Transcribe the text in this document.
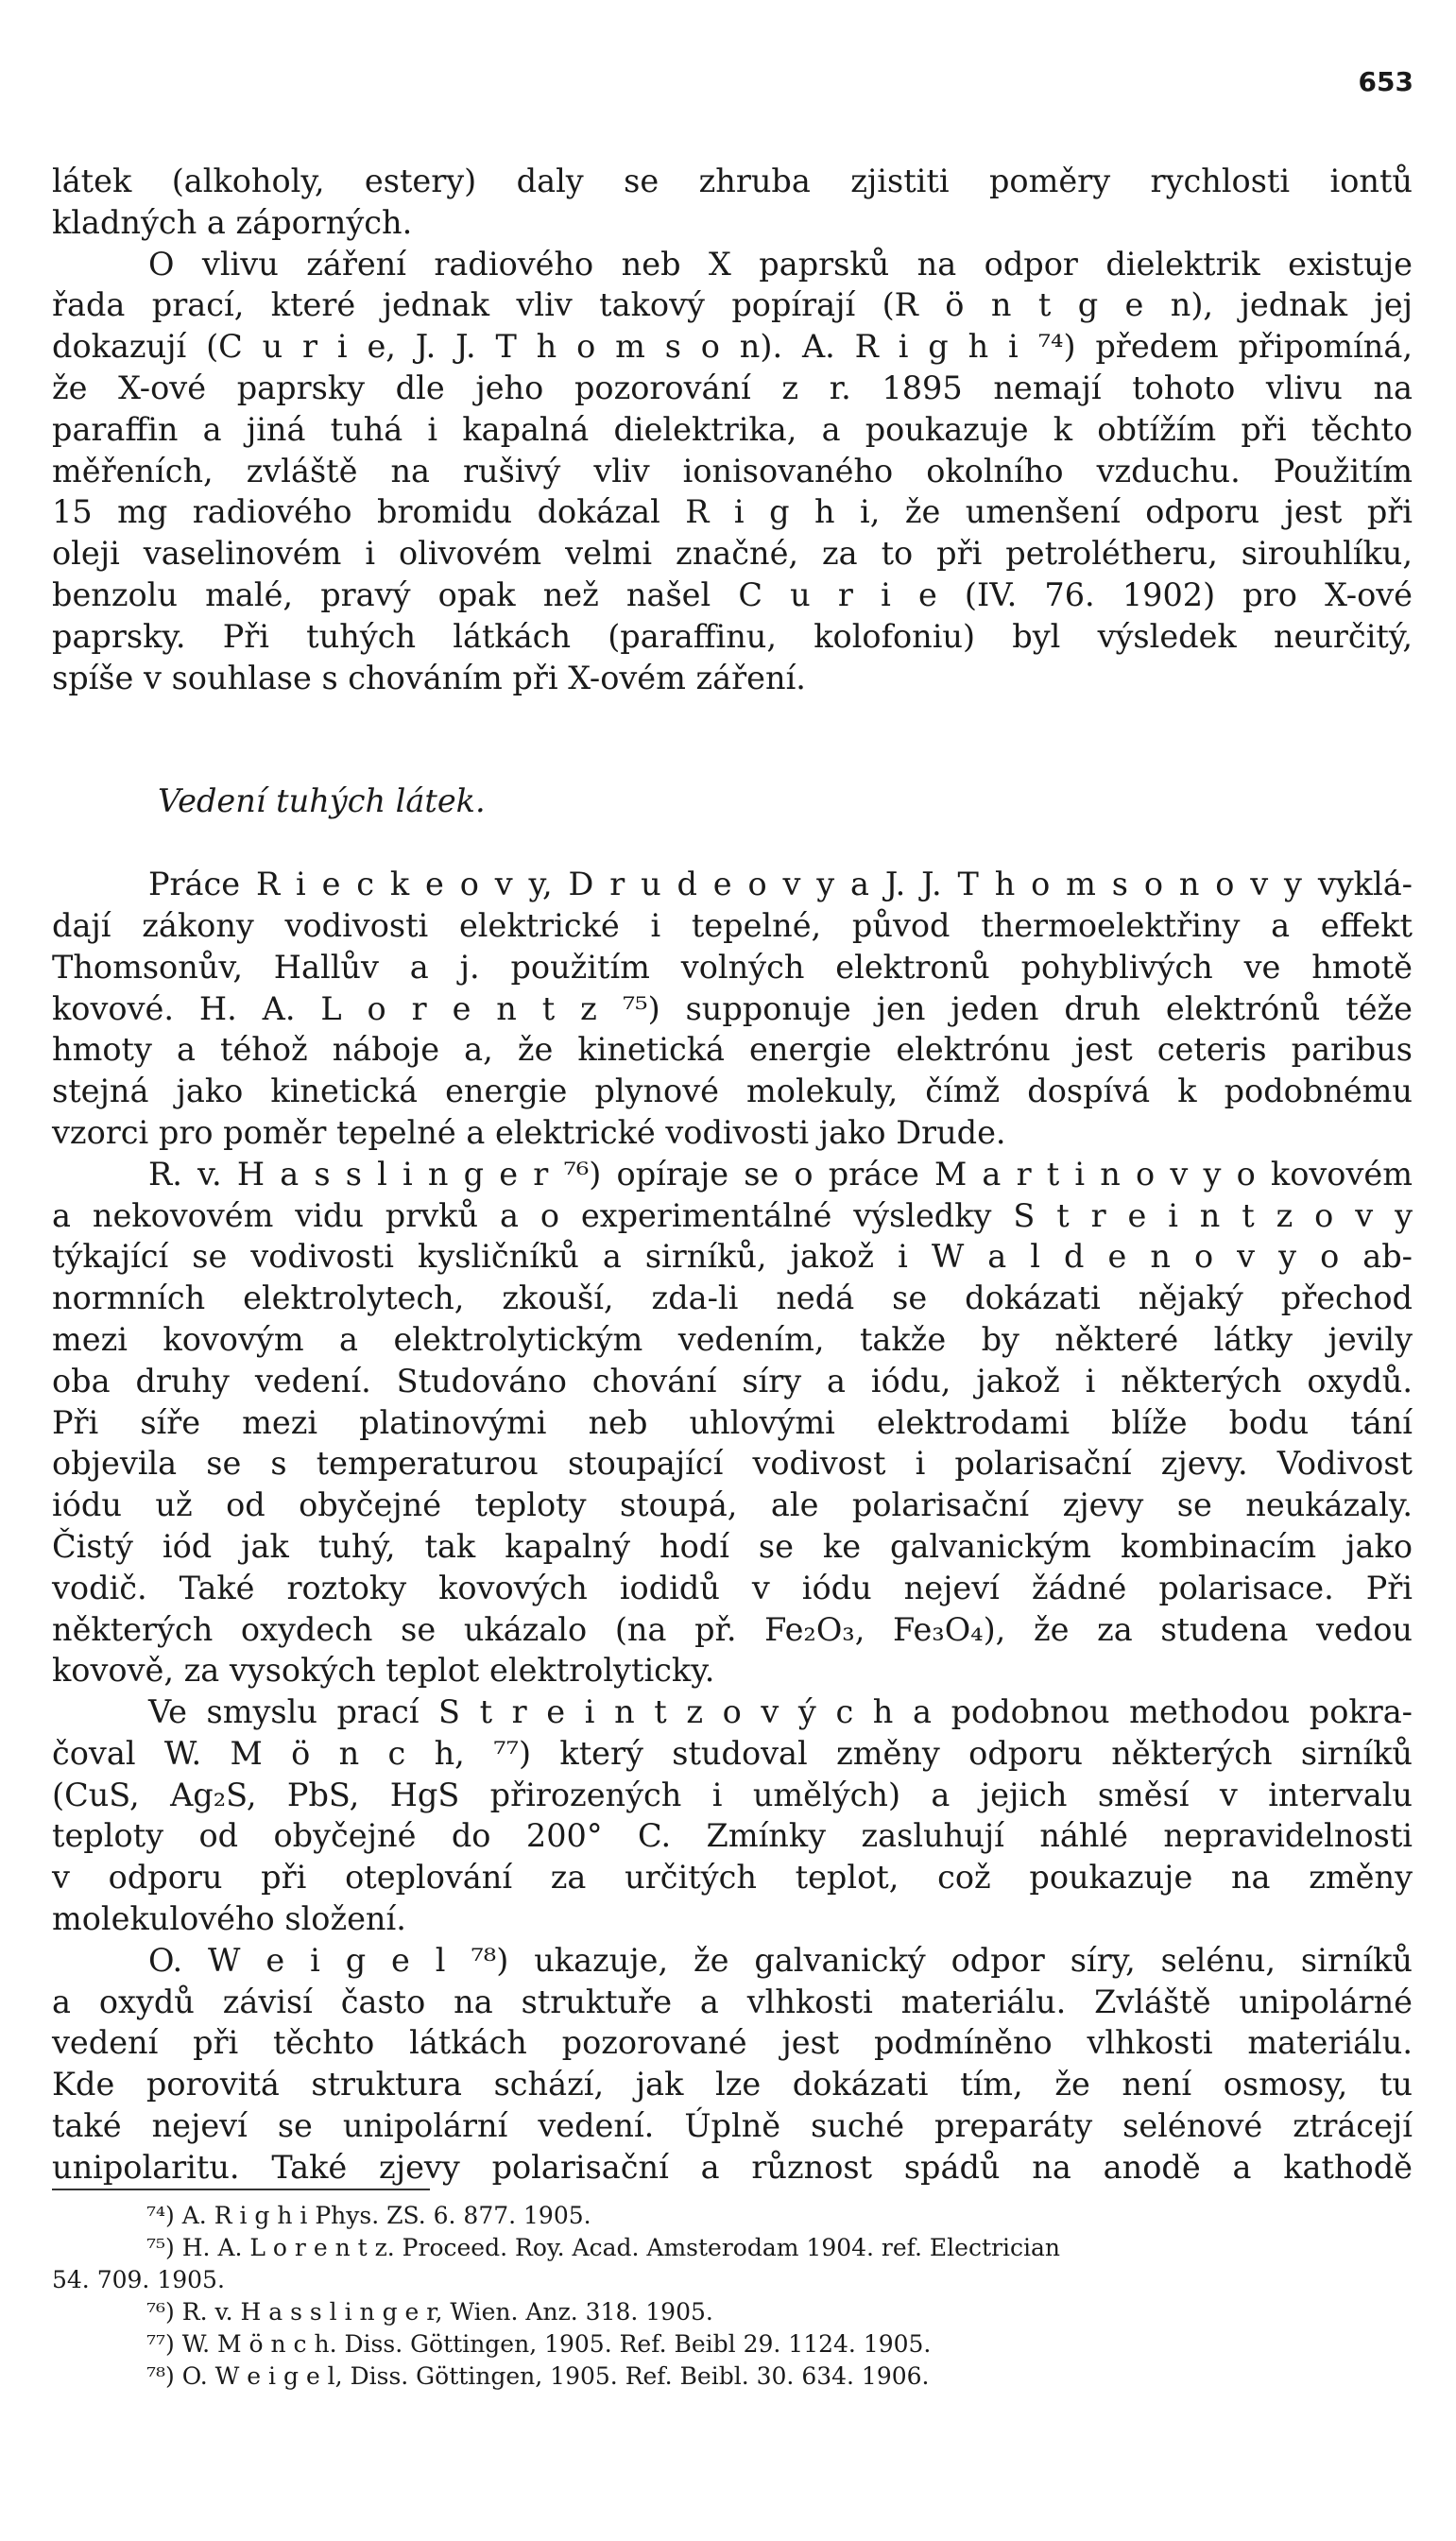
653
látek (alkoholy, estery) daly se zhruba zjistiti poměry rychlosti iontů
kladných a záporných.
O vlivu záření radiového neb X paprsků na odpor dielektrik existuje
řada prací, které jednak vliv takový popírají (R ö n t g e n), jednak jej
dokazují (C u r i e, J. J. T h o m s o n). A. R i g h i ⁷⁴) předem připomíná,
že X-ové paprsky dle jeho pozorování z r. 1895 nemají tohoto vlivu na
paraffin a jiná tuhá i kapalná dielektrika, a poukazuje k obtížím při těchto
měřeních, zvláště na rušivý vliv ionisovaného okolního vzduchu. Použitím
15 mg radiového bromidu dokázal R i g h i, že umenšení odporu jest při
oleji vaselinovém i olivovém velmi značné, za to při petrolétheru, sirouhlíku,
benzolu malé, pravý opak než našel C u r i e (IV. 76. 1902) pro X-ové
paprsky. Při tuhých látkách (paraffinu, kolofoniu) byl výsledek neurčitý,
spíše v souhlase s chováním při X-ovém záření.
Vedení tuhých látek.
Práce R i e c k e o v y, D r u d e o v y a J. J. T h o m s o n o v y vyklá-
dají zákony vodivosti elektrické i tepelné, původ thermoelektřiny a effekt
Thomsonův, Hallův a j. použitím volných elektronů pohyblivých ve hmotě
kovové. H. A. L o r e n t z ⁷⁵) supponuje jen jeden druh elektrónů téže
hmoty a téhož náboje a, že kinetická energie elektrónu jest ceteris paribus
stejná jako kinetická energie plynové molekuly, čímž dospívá k podobnému
vzorci pro poměr tepelné a elektrické vodivosti jako Drude.
R. v. H a s s l i n g e r ⁷⁶) opíraje se o práce M a r t i n o v y o kovovém
a nekovovém vidu prvků a o experimentálné výsledky S t r e i n t z o v y
týkající se vodivosti kysličníků a sirníků, jakož i W a l d e n o v y o ab-
normních elektrolytech, zkouší, zda-li nedá se dokázati nějaký přechod
mezi kovovým a elektrolytickým vedením, takže by některé látky jevily
oba druhy vedení. Studováno chování síry a iódu, jakož i některých oxydů.
Při síře mezi platinovými neb uhlovými elektrodami blíže bodu tání
objevila se s temperaturou stoupající vodivost i polarisační zjevy. Vodivost
iódu už od obyčejné teploty stoupá, ale polarisační zjevy se neukázaly.
Čistý iód jak tuhý, tak kapalný hodí se ke galvanickým kombinacím jako
vodič. Také roztoky kovových iodidů v iódu nejeví žádné polarisace. Při
některých oxydech se ukázalo (na př. Fe₂O₃, Fe₃O₄), že za studena vedou
kovově, za vysokých teplot elektrolyticky.
Ve smyslu prací S t r e i n t z o v ý c h a podobnou methodou pokra-
čoval W. M ö n c h, ⁷⁷) který studoval změny odporu některých sirníků
(CuS, Ag₂S, PbS, HgS přirozených i umělých) a jejich směsí v intervalu
teploty od obyčejné do 200° C. Zmínky zasluhují náhlé nepravidelnosti
v odporu při oteplování za určitých teplot, což poukazuje na změny
molekulového složení.
O. W e i g e l ⁷⁸) ukazuje, že galvanický odpor síry, selénu, sirníků
a oxydů závisí často na struktuře a vlhkosti materiálu. Zvláště unipolárné
vedení při těchto látkách pozorované jest podmíněno vlhkosti materiálu.
Kde porovitá struktura schází, jak lze dokázati tím, že není osmosy, tu
také nejeví se unipolární vedení. Úplně suché preparáty selénové ztrácejí
unipolaritu. Také zjevy polarisační a různost spádů na anodě a kathodě
⁷⁴) A. R i g h i Phys. ZS. 6. 877. 1905.
⁷⁵) H. A. L o r e n t z. Proceed. Roy. Acad. Amsterodam 1904. ref. Electrician
54. 709. 1905.
⁷⁶) R. v. H a s s l i n g e r, Wien. Anz. 318. 1905.
⁷⁷) W. M ö n c h. Diss. Göttingen, 1905. Ref. Beibl 29. 1124. 1905.
⁷⁸) O. W e i g e l, Diss. Göttingen, 1905. Ref. Beibl. 30. 634. 1906.
